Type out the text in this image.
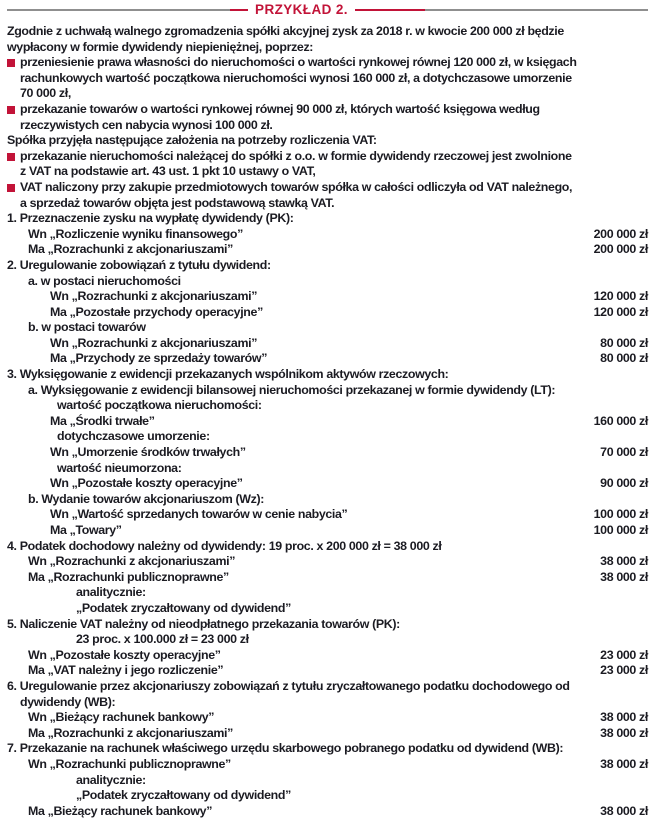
PRZYKŁAD 2.
Zgodnie z uchwałą walnego zgromadzenia spółki akcyjnej zysk za 2018 r. w kwocie 200 000 zł będzie
wypłacony w formie dywidendy niepieniężnej, poprzez:
przeniesienie prawa własności do nieruchomości o wartości rynkowej równej 120 000 zł, w księgach
rachunkowych wartość początkowa nieruchomości wynosi 160 000 zł, a dotychczasowe umorzenie
70 000 zł,
przekazanie towarów o wartości rynkowej równej 90 000 zł, których wartość księgowa według
rzeczywistych cen nabycia wynosi 100 000 zł.
Spółka przyjęła następujące założenia na potrzeby rozliczenia VAT:
przekazanie nieruchomości należącej do spółki z o.o. w formie dywidendy rzeczowej jest zwolnione
z VAT na podstawie art. 43 ust. 1 pkt 10 ustawy o VAT,
VAT naliczony przy zakupie przedmiotowych towarów spółka w całości odliczyła od VAT należnego,
a sprzedaż towarów objęta jest podstawową stawką VAT.
1. Przeznaczenie zysku na wypłatę dywidendy (PK):
Wn „Rozliczenie wyniku finansowego”	200 000 zł
Ma „Rozrachunki z akcjonariuszami”	200 000 zł
2. Uregulowanie zobowiązań z tytułu dywidend:
a. w postaci nieruchomości
Wn „Rozrachunki z akcjonariuszami”	120 000 zł
Ma „Pozostałe przychody operacyjne”	120 000 zł
b. w postaci towarów
Wn „Rozrachunki z akcjonariuszami”	80 000 zł
Ma „Przychody ze sprzedaży towarów”	80 000 zł
3. Wyksięgowanie z ewidencji przekazanych wspólnikom aktywów rzeczowych:
a. Wyksięgowanie z ewidencji bilansowej nieruchomości przekazanej w formie dywidendy (LT):
wartość początkowa nieruchomości:
Ma „Środki trwałe”	160 000 zł
dotychczasowe umorzenie:
Wn „Umorzenie środków trwałych”	70 000 zł
wartość nieumorzona:
Wn „Pozostałe koszty operacyjne”	90 000 zł
b. Wydanie towarów akcjonariuszom (Wz):
Wn „Wartość sprzedanych towarów w cenie nabycia”	100 000 zł
Ma „Towary”	100 000 zł
4. Podatek dochodowy należny od dywidendy: 19 proc. x 200 000 zł = 38 000 zł
Wn „Rozrachunki z akcjonariuszami”	38 000 zł
Ma „Rozrachunki publicznoprawne”	38 000 zł
analitycznie:
„Podatek zryczałtowany od dywidend”
5. Naliczenie VAT należny od nieodpłatnego przekazania towarów (PK):
23 proc. x 100.000 zł = 23 000 zł
Wn „Pozostałe koszty operacyjne”	23 000 zł
Ma „VAT należny i jego rozliczenie”	23 000 zł
6. Uregulowanie przez akcjonariuszy zobowiązań z tytułu zryczałtowanego podatku dochodowego od
dywidendy (WB):
Wn „Bieżący rachunek bankowy”	38 000 zł
Ma „Rozrachunki z akcjonariuszami”	38 000 zł
7. Przekazanie na rachunek właściwego urzędu skarbowego pobranego podatku od dywidend (WB):
Wn „Rozrachunki publicznoprawne”	38 000 zł
analitycznie:
„Podatek zryczałtowany od dywidend”
Ma „Bieżący rachunek bankowy”	38 000 zł
